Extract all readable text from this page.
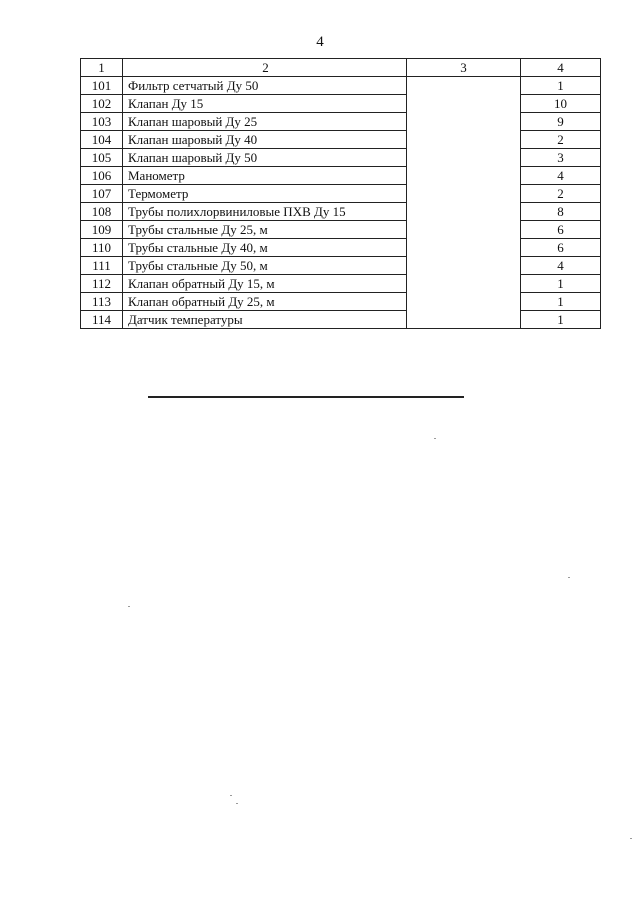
4
1	2	3	4
101	Фильтр сетчатый Ду 50		1
102	Клапан Ду 15		10
103	Клапан шаровый Ду 25		9
104	Клапан шаровый Ду 40		2
105	Клапан шаровый Ду 50		3
106	Манометр		4
107	Термометр		2
108	Трубы полихлорвиниловые ПХВ Ду 15		8
109	Трубы стальные Ду 25, м		6
110	Трубы стальные Ду 40, м		6
111	Трубы стальные Ду 50, м		4
112	Клапан обратный Ду 15, м		1
113	Клапан обратный Ду 25, м		1
114	Датчик температуры		1
